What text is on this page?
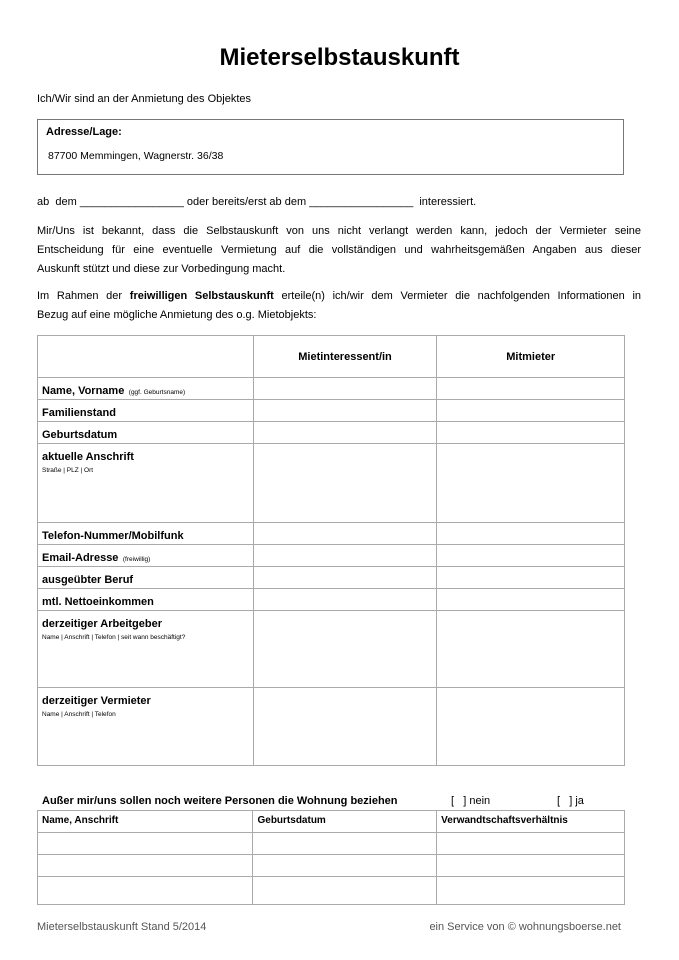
Mieterselbstauskunft
Ich/Wir sind an der Anmietung des Objektes
Adresse/Lage:
87700 Memmingen, Wagnerstr. 36/38
ab  dem _________________ oder bereits/erst ab dem _________________ interessiert.
Mir/Uns ist bekannt, dass die Selbstauskunft von uns nicht verlangt werden kann, jedoch der Vermieter seine
Entscheidung für eine eventuelle Vermietung auf die vollständigen und wahrheitsgemäßen Angaben aus dieser
Auskunft stützt und diese zur Vorbedingung macht.
Im Rahmen der freiwilligen Selbstauskunft erteile(n) ich/wir dem Vermieter die nachfolgenden Informationen in
Bezug auf eine mögliche Anmietung des o.g. Mietobjekts:
	Mietinteressent/in	Mitmieter
Name, Vorname (ggf. Geburtsname)		
Familienstand		
Geburtsdatum		
aktuelle Anschrift
Straße | PLZ | Ort		

Telefon-Nummer/Mobilfunk		
Email-Adresse (freiwillig)		
ausgeübter Beruf		
mtl. Nettoeinkommen		
derzeitiger Arbeitgeber
Name | Anschrift | Telefon | seit wann beschäftigt?		

derzeitiger Vermieter
Name | Anschrift | Telefon		

Außer mir/uns sollen noch weitere Personen die Wohnung beziehen	[   ] nein	[   ] ja
Name, Anschrift	Geburtsdatum	Verwandtschaftsverhältnis

Mieterselbstauskunft Stand 5/2014	ein Service von © wohnungsboerse.net
